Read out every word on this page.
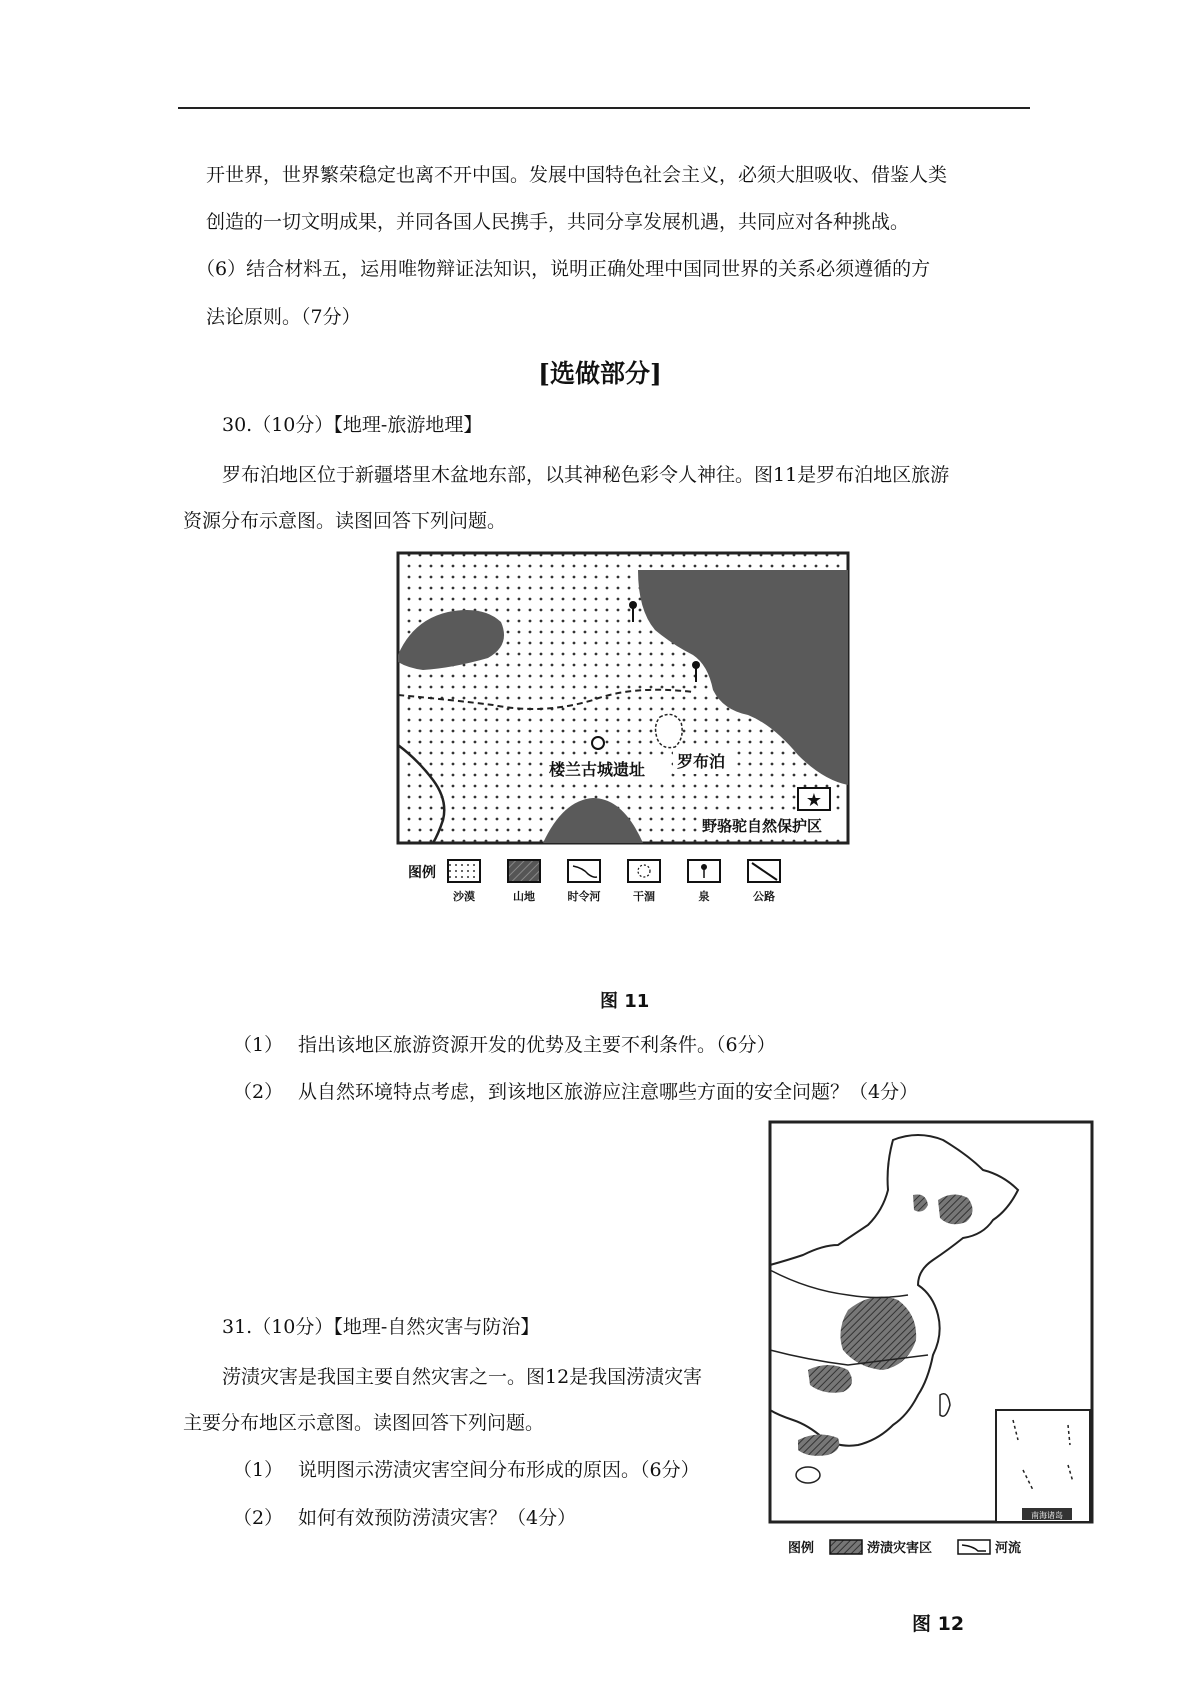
开世界，世界繁荣稳定也离不开中国。发展中国特色社会主义，必须大胆吸收、借鉴人类
创造的一切文明成果，并同各国人民携手，共同分享发展机遇，共同应对各种挑战。
（6）结合材料五，运用唯物辩证法知识，说明正确处理中国同世界的关系必须遵循的方
法论原则。（7分）
[选做部分]
30.（10分）【地理-旅游地理】
罗布泊地区位于新疆塔里木盆地东部，以其神秘色彩令人神往。图11是罗布泊地区旅游
资源分布示意图。读图回答下列问题。
楼兰古城遗址 罗布泊
★
野骆驼自然保护区
图例
沙漠	山地	时令河	干涸	泉	公路
图 11
（1） 指出该地区旅游资源开发的优势及主要不利条件。（6分）
（2） 从自然环境特点考虑，到该地区旅游应注意哪些方面的安全问题？（4分）
31.（10分）【地理-自然灾害与防治】
涝渍灾害是我国主要自然灾害之一。图12是我国涝渍灾害
主要分布地区示意图。读图回答下列问题。
（1） 说明图示涝渍灾害空间分布形成的原因。（6分）
（2） 如何有效预防涝渍灾害？（4分）	南海诸岛
图例	涝渍灾害区	河流
图 12
